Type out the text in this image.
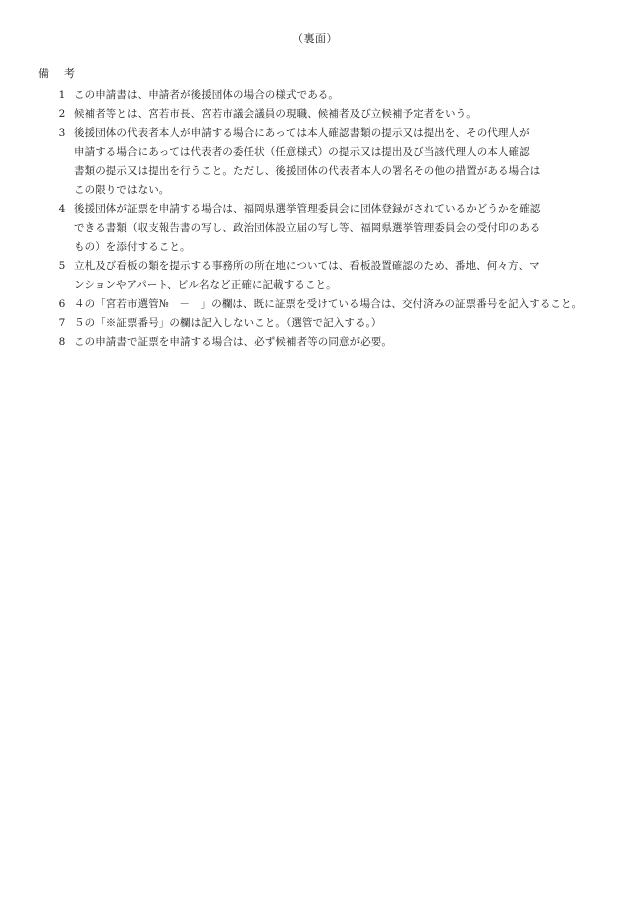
（裏面）
備　考
1 この申請書は、申請者が後援団体の場合の様式である。
2 候補者等とは、宮若市長、宮若市議会議員の現職、候補者及び立候補予定者をいう。
3 後援団体の代表者本人が申請する場合にあっては本人確認書類の提示又は提出を、その代理人が
申請する場合にあっては代表者の委任状（任意様式）の提示又は提出及び当該代理人の本人確認
書類の提示又は提出を行うこと。ただし、後援団体の代表者本人の署名その他の措置がある場合は
この限りではない。
4 後援団体が証票を申請する場合は、福岡県選挙管理委員会に団体登録がされているかどうかを確認
できる書類（収支報告書の写し、政治団体設立届の写し等、福岡県選挙管理委員会の受付印のある
もの）を添付すること。
5 立札及び看板の類を提示する事務所の所在地については、看板設置確認のため、番地、何々方、マ
ンションやアパート、ビル名など正確に記載すること。
6 ４の「宮若市選管№　－　」の欄は、既に証票を受けている場合は、交付済みの証票番号を記入すること。
7 ５の「※証票番号」の欄は記入しないこと。（選管で記入する。）
8 この申請書で証票を申請する場合は、必ず候補者等の同意が必要。
